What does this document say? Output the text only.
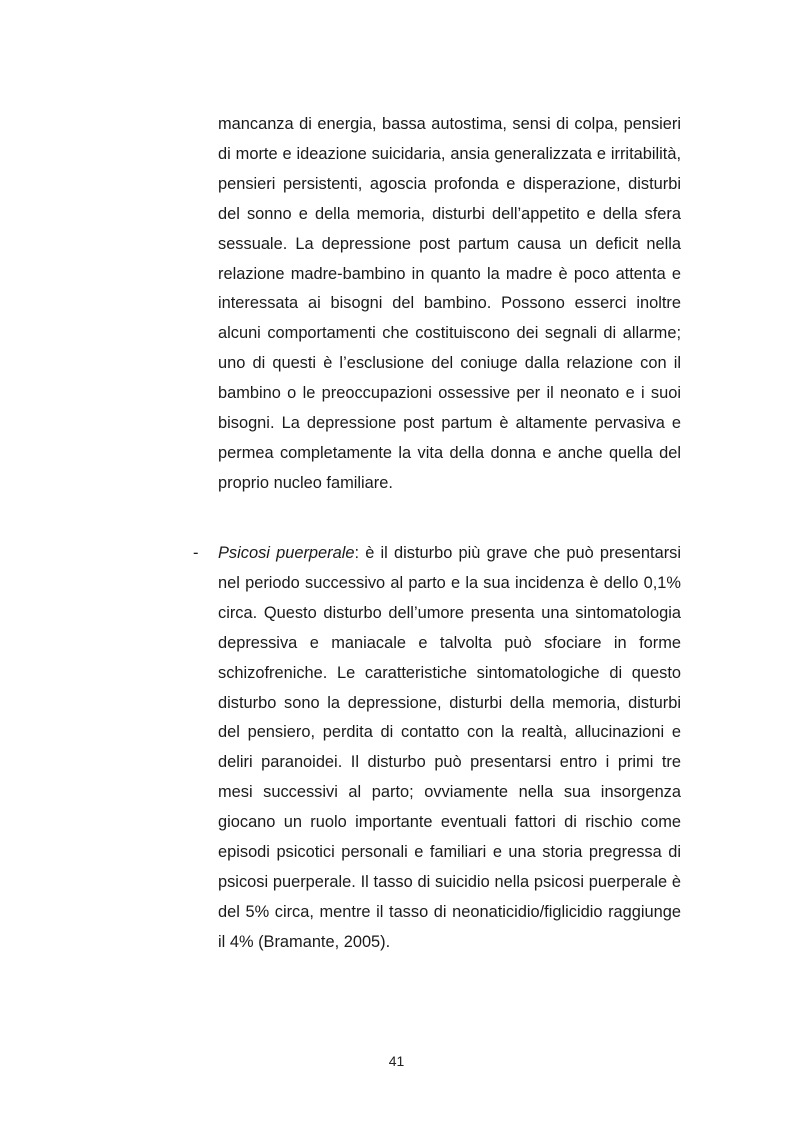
mancanza di energia, bassa autostima, sensi di colpa, pensieri di morte e ideazione suicidaria, ansia generalizzata e irritabilità, pensieri persistenti, agoscia profonda e disperazione, disturbi del sonno e della memoria, disturbi dell’appetito e della sfera sessuale. La depressione post partum causa un deficit nella relazione madre-bambino in quanto la madre è poco attenta e interessata ai bisogni del bambino. Possono esserci inoltre alcuni comportamenti che costituiscono dei segnali di allarme; uno di questi è l’esclusione del coniuge dalla relazione con il bambino o le preoccupazioni ossessive per il neonato e i suoi bisogni. La depressione post partum è altamente pervasiva e permea completamente la vita della donna e anche quella del proprio nucleo familiare.

- Psicosi puerperale: è il disturbo più grave che può presentarsi nel periodo successivo al parto e la sua incidenza è dello 0,1% circa. Questo disturbo dell’umore presenta una sintomatologia depressiva e maniacale e talvolta può sfociare in forme schizofreniche. Le caratteristiche sintomatologiche di questo disturbo sono la depressione, disturbi della memoria, disturbi del pensiero, perdita di contatto con la realtà, allucinazioni e deliri paranoidei. Il disturbo può presentarsi entro i primi tre mesi successivi al parto; ovviamente nella sua insorgenza giocano un ruolo importante eventuali fattori di rischio come episodi psicotici personali e familiari e una storia pregressa di psicosi puerperale. Il tasso di suicidio nella psicosi puerperale è del 5% circa, mentre il tasso di neonaticidio/figlicidio raggiunge il 4% (Bramante, 2005).

41
